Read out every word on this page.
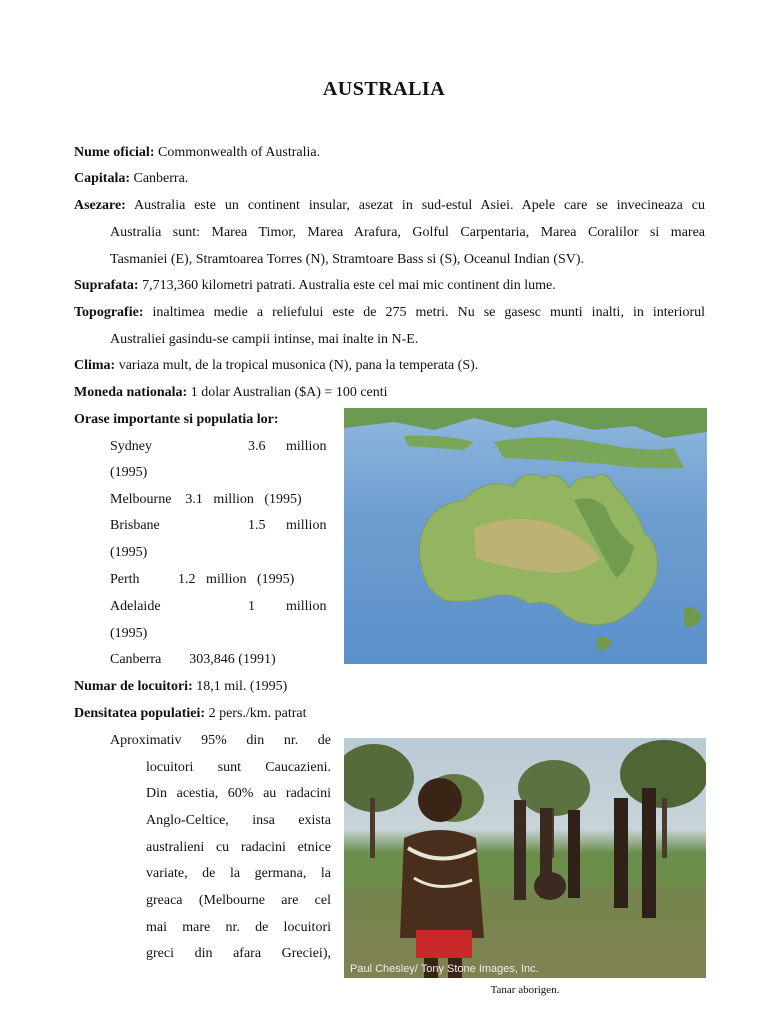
AUSTRALIA
Nume oficial: Commonwealth of Australia.
Capitala: Canberra.
Asezare: Australia este un continent insular, asezat in sud-estul Asiei. Apele care se invecineaza cu
Australia sunt: Marea Timor, Marea Arafura, Golful Carpentaria, Marea Coralilor si marea
Tasmaniei (E), Stramtoarea Torres (N), Stramtoare Bass si (S), Oceanul Indian (SV).
Suprafata: 7,713,360 kilometri patrati. Australia este cel mai mic continent din lume.
Topografie: inaltimea medie a reliefului este de 275 metri. Nu se gasesc munti inalti, in interiorul
Australiei gasindu-se campii intinse, mai inalte in N-E.
Clima: variaza mult, de la tropical musonica (N), pana la temperata (S).
Moneda nationala: 1 dolar Australian ($A) = 100 centi
Orase importante si populatia lor:
Sydney	3.6 million
(1995)
Melbourne    3.1   million   (1995)
Brisbane	1.5 million
(1995)
Perth           1.2   million   (1995)
Adelaide	1 million
(1995)
Canberra        303,846 (1991)
Numar de locuitori: 18,1 mil. (1995)
Densitatea populatiei: 2 pers./km. patrat
Aproximativ 95% din nr. de
locuitori sunt Caucazieni.
Din acestia, 60% au radacini
Anglo-Celtice, insa exista
australieni cu radacini etnice
variate, de la germana, la
greaca (Melbourne are cel
mai mare nr. de locuitori
greci din afara Greciei),
Paul Chesley/ Tony Stone Images, Inc.
Tanar aborigen.
